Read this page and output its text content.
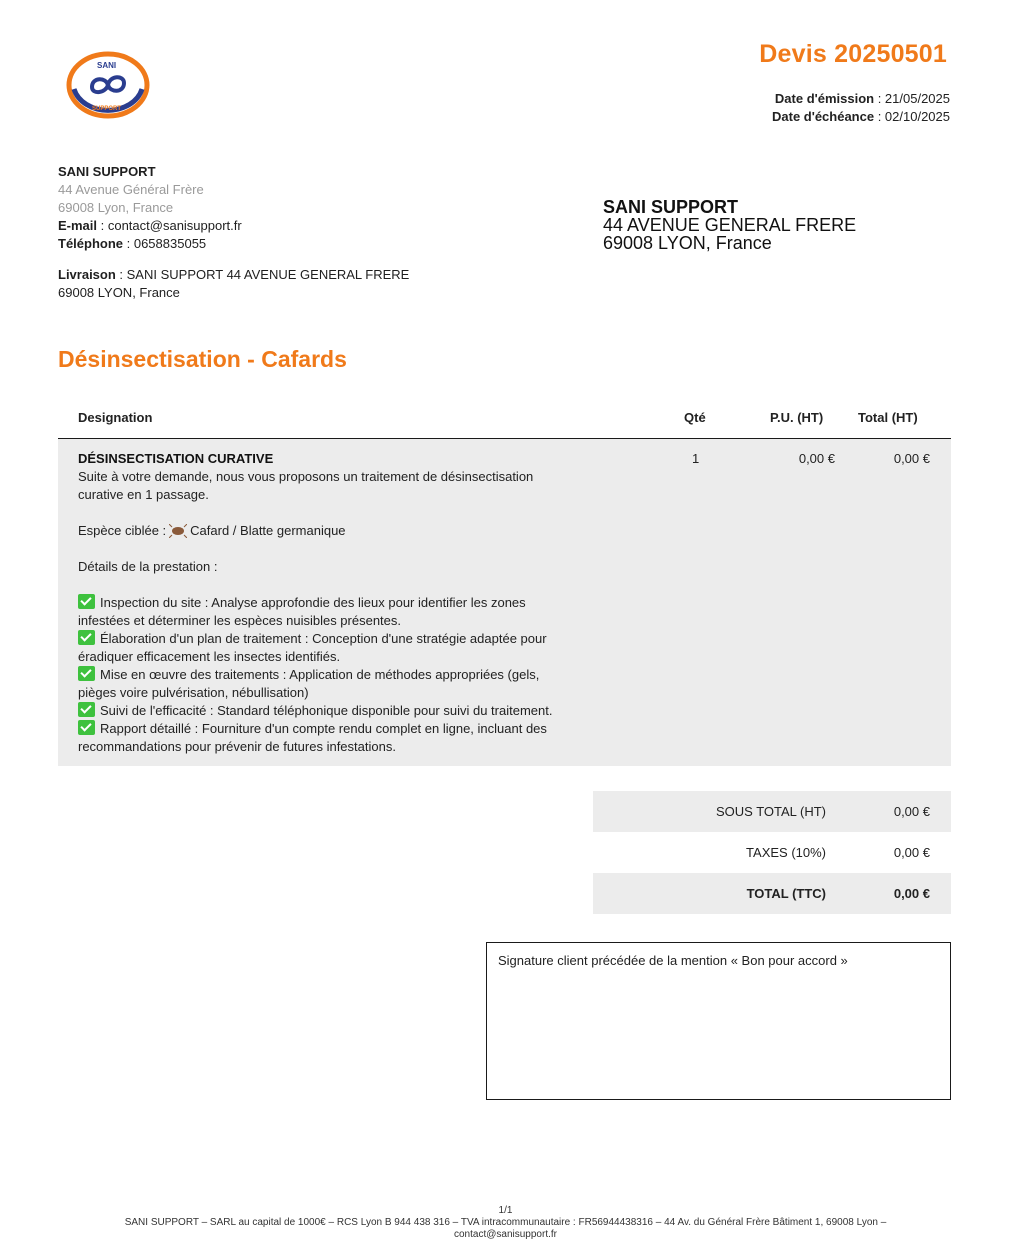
SANI
SUPPORT
Devis 20250501
Date d'émission : 21/05/2025
Date d'échéance : 02/10/2025
SANI SUPPORT
44 Avenue Général Frère
69008 Lyon, France
E-mail : contact@sanisupport.fr
Téléphone : 0658835055
SANI SUPPORT
44 AVENUE GENERAL FRERE
69008 LYON, France
Livraison : SANI SUPPORT 44 AVENUE GENERAL FRERE
69008 LYON, France
Désinsectisation - Cafards
Designation	Qté	P.U. (HT)	Total (HT)
DÉSINSECTISATION CURATIVE
Suite à votre demande, nous vous proposons un traitement de désinsectisation
curative en 1 passage.
Espèce ciblée : Cafard / Blatte germanique
Détails de la prestation :
Inspection du site : Analyse approfondie des lieux pour identifier les zones
infestées et déterminer les espèces nuisibles présentes.
Élaboration d'un plan de traitement : Conception d'une stratégie adaptée pour
éradiquer efficacement les insectes identifiés.
Mise en œuvre des traitements : Application de méthodes appropriées (gels,
pièges voire pulvérisation, nébullisation)
Suivi de l'efficacité : Standard téléphonique disponible pour suivi du traitement.
Rapport détaillé : Fourniture d'un compte rendu complet en ligne, incluant des
recommandations pour prévenir de futures infestations.
1	0,00 €	0,00 €
SOUS TOTAL (HT)	0,00 €
TAXES (10%)	0,00 €
TOTAL (TTC)	0,00 €
Signature client précédée de la mention « Bon pour accord »
1/1
SANI SUPPORT – SARL au capital de 1000€ – RCS Lyon B 944 438 316 – TVA intracommunautaire : FR56944438316 – 44 Av. du Général Frère Bâtiment 1, 69008 Lyon –
contact@sanisupport.fr
